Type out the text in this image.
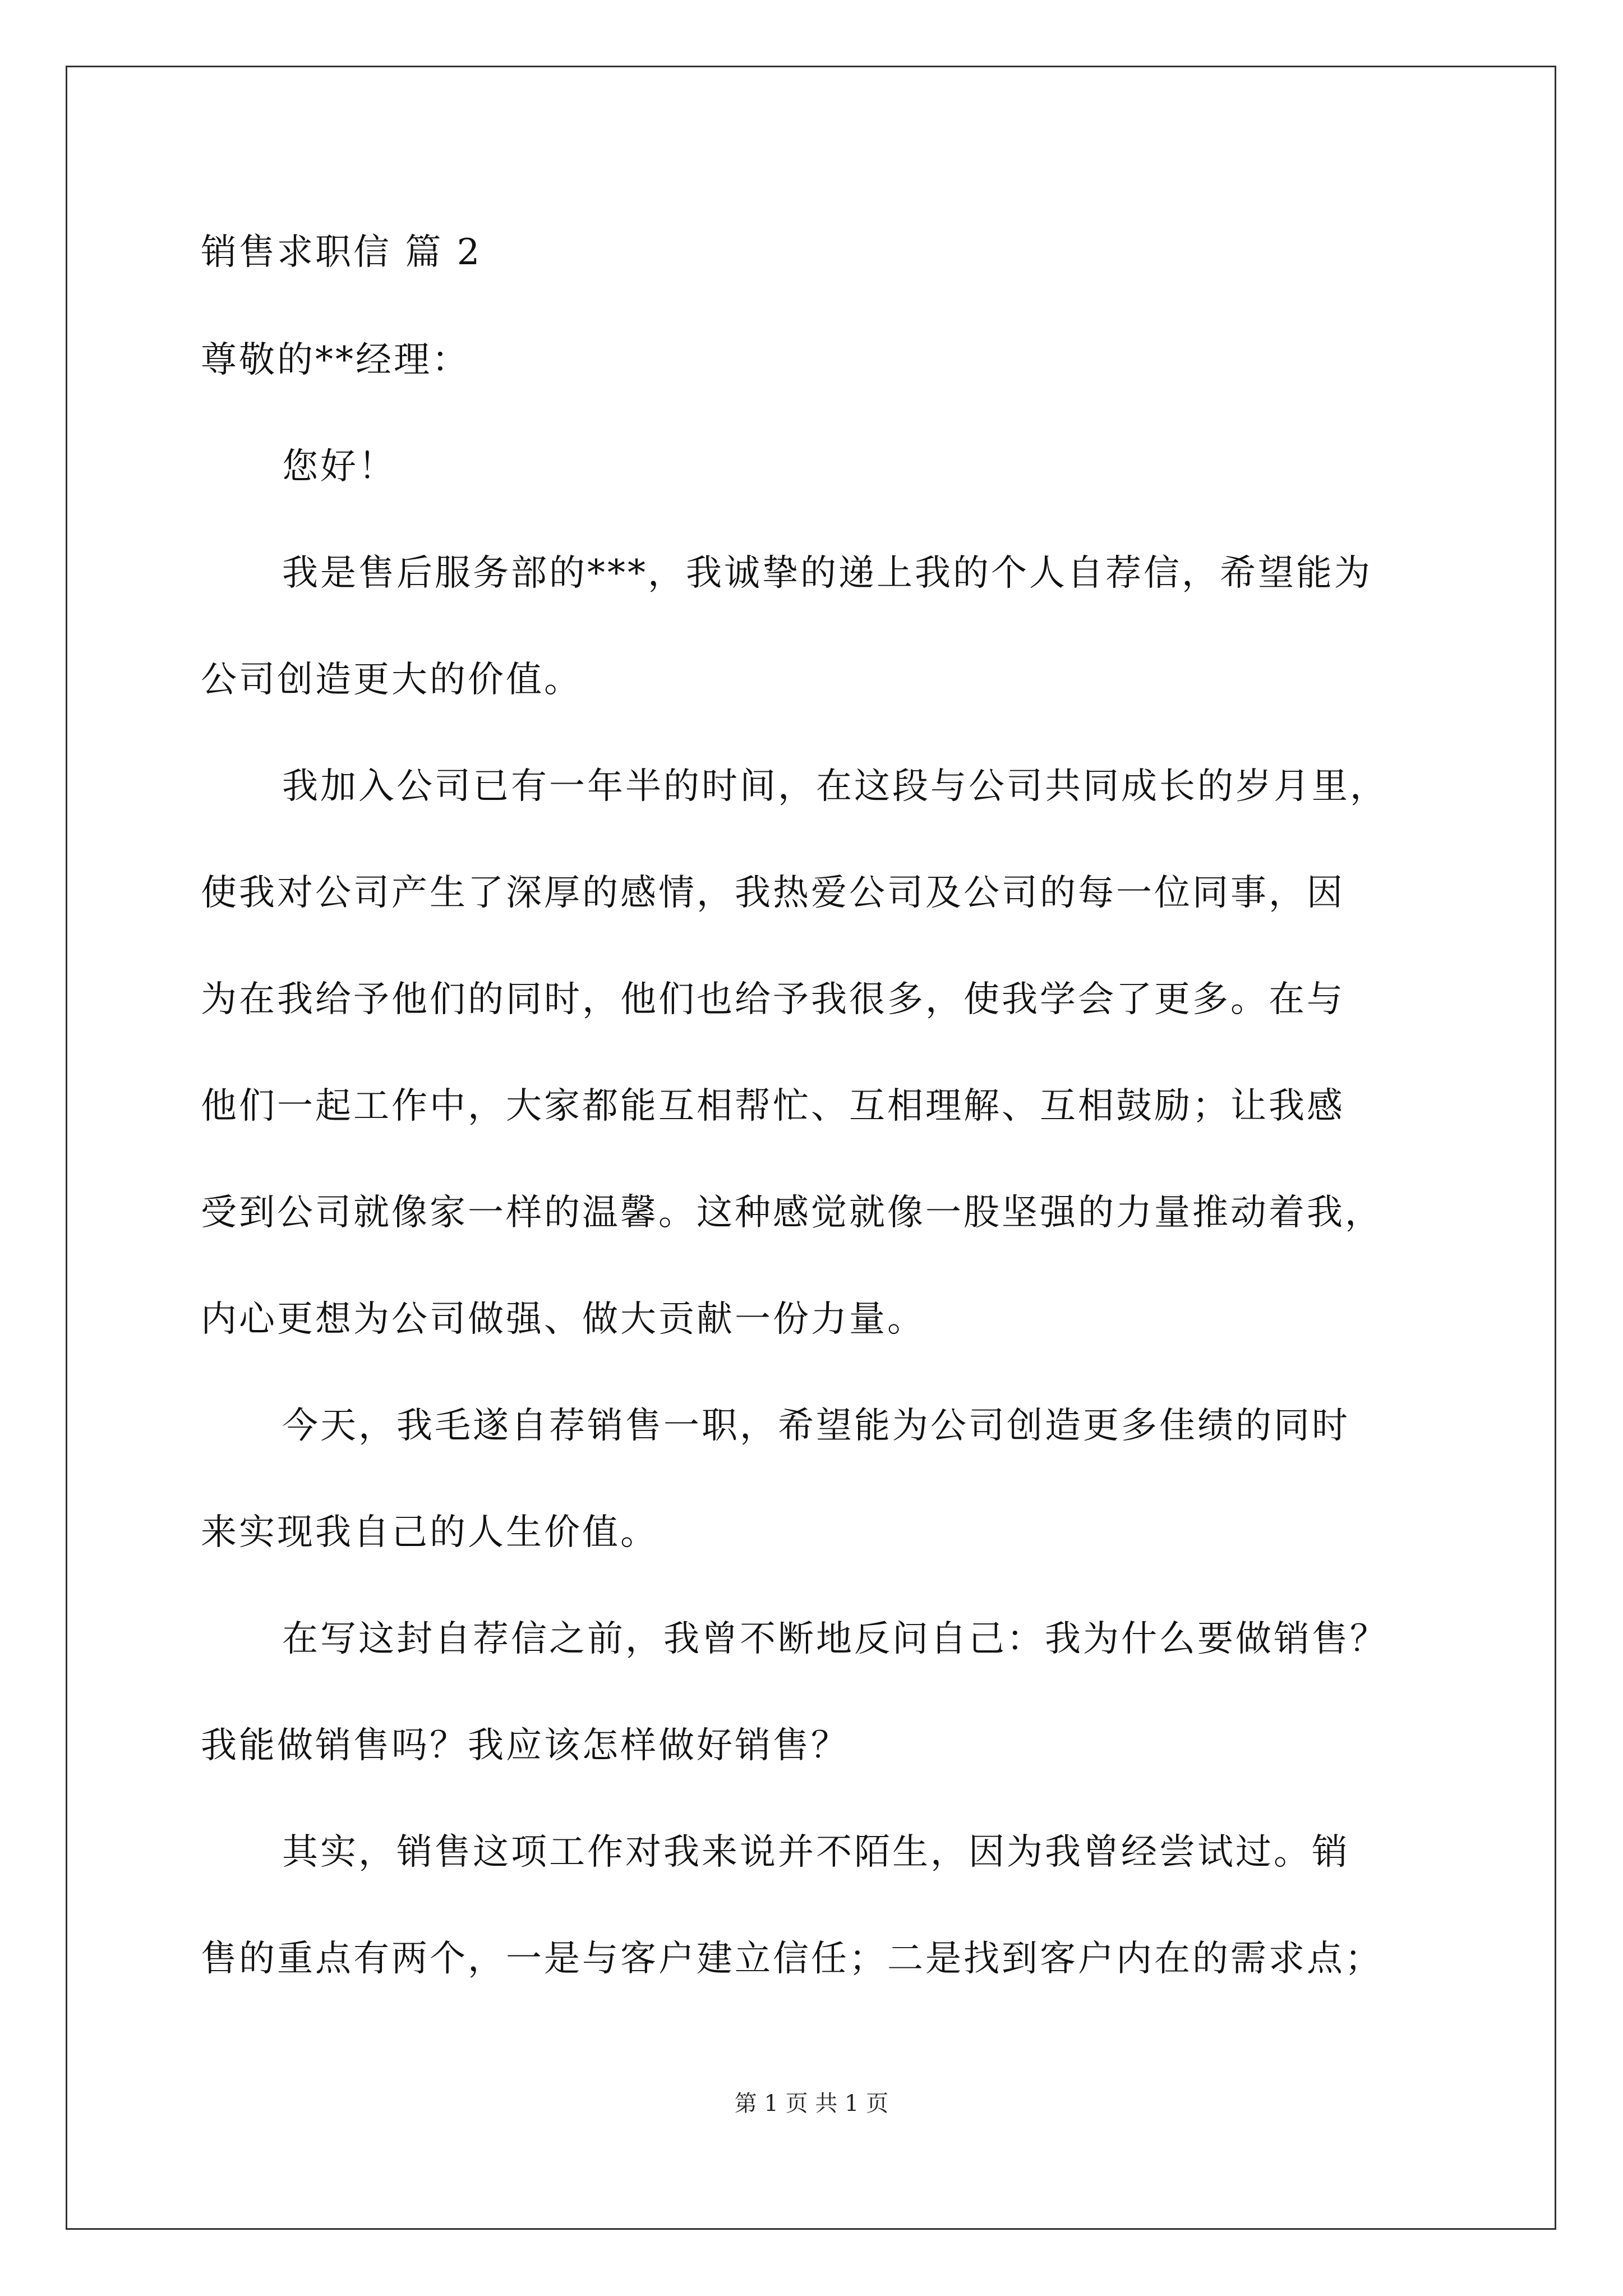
销售求职信 篇 2
尊敬的**经理：
您好！
我是售后服务部的***，我诚挚的递上我的个人自荐信，希望能为
公司创造更大的价值。
我加入公司已有一年半的时间，在这段与公司共同成长的岁月里，
使我对公司产生了深厚的感情，我热爱公司及公司的每一位同事，因
为在我给予他们的同时，他们也给予我很多，使我学会了更多。在与
他们一起工作中，大家都能互相帮忙、互相理解、互相鼓励；让我感
受到公司就像家一样的温馨。这种感觉就像一股坚强的力量推动着我，
内心更想为公司做强、做大贡献一份力量。
今天，我毛遂自荐销售一职，希望能为公司创造更多佳绩的同时
来实现我自己的人生价值。
在写这封自荐信之前，我曾不断地反问自己：我为什么要做销售？
我能做销售吗？我应该怎样做好销售？
其实，销售这项工作对我来说并不陌生，因为我曾经尝试过。销
售的重点有两个，一是与客户建立信任；二是找到客户内在的需求点；
第 1 页 共 1 页
